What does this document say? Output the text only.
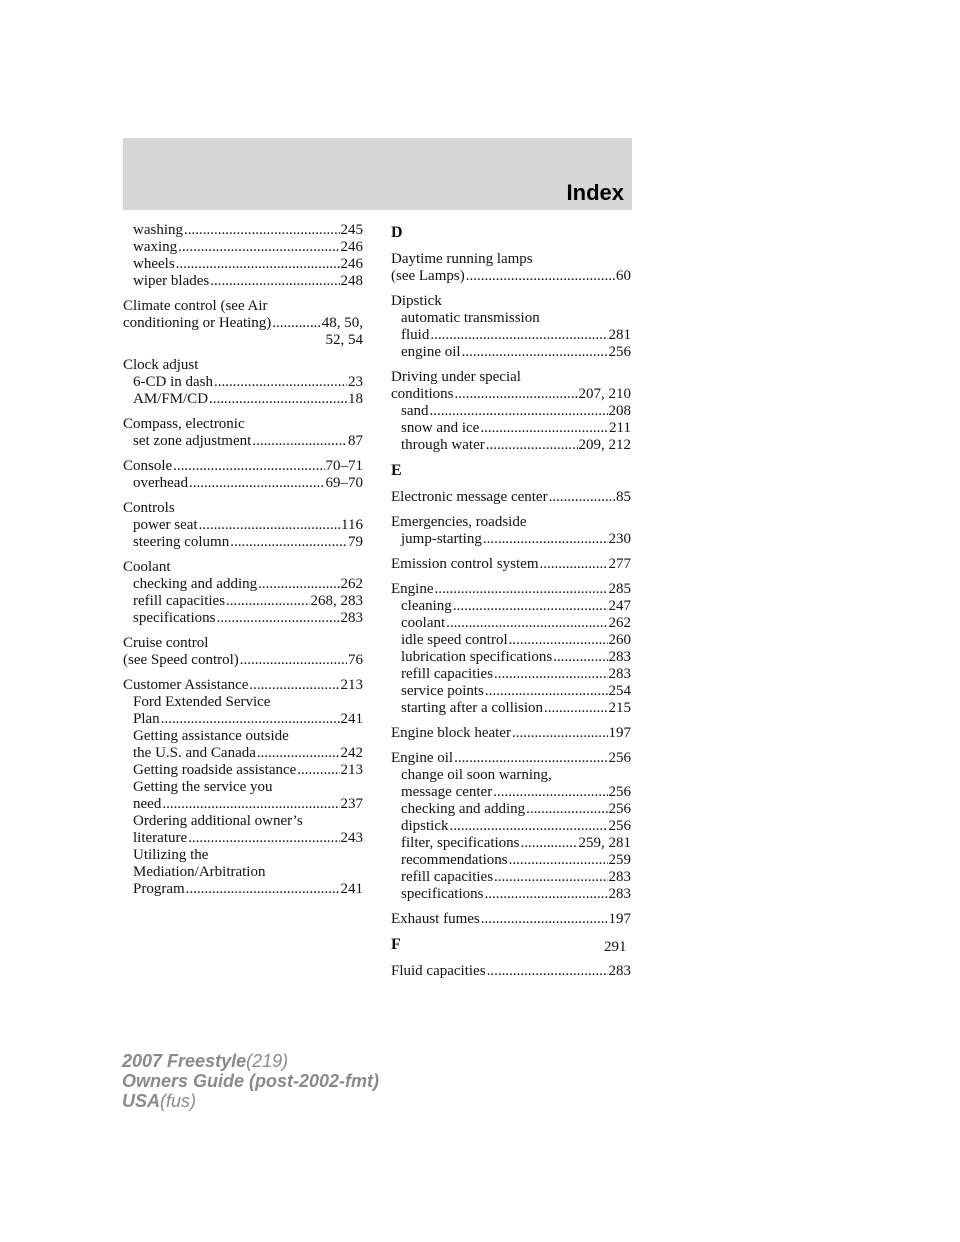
Index
washing .....	245
waxing .....	246
wheels .....	246
wiper blades .....	248
Climate control (see Air
conditioning or Heating) .....	48, 50,
52, 54
Clock adjust
6-CD in dash .....	23
AM/FM/CD .....	18
Compass, electronic
set zone adjustment .....	87
Console .....	70–71
overhead .....	69–70
Controls
power seat .....	116
steering column .....	79
Coolant
checking and adding .....	262
refill capacities .....	268, 283
specifications .....	283
Cruise control
(see Speed control) .....	76
Customer Assistance .....	213
Ford Extended Service
Plan .....	241
Getting assistance outside
the U.S. and Canada .....	242
Getting roadside assistance .....	213
Getting the service you
need .....	237
Ordering additional owner’s
literature .....	243
Utilizing the
Mediation/Arbitration
Program .....	241
D
Daytime running lamps
(see Lamps) .....	60
Dipstick
automatic transmission
fluid .....	281
engine oil .....	256
Driving under special
conditions .....	207, 210
sand .....	208
snow and ice .....	211
through water .....	209, 212
E
Electronic message center .....	85
Emergencies, roadside
jump-starting .....	230
Emission control system .....	277
Engine .....	285
cleaning .....	247
coolant .....	262
idle speed control .....	260
lubrication specifications .....	283
refill capacities .....	283
service points .....	254
starting after a collision .....	215
Engine block heater .....	197
Engine oil .....	256
change oil soon warning,
message center .....	256
checking and adding .....	256
dipstick .....	256
filter, specifications .....	259, 281
recommendations .....	259
refill capacities .....	283
specifications .....	283
Exhaust fumes .....	197
F
Fluid capacities .....	283
291
2007 Freestyle(219)
Owners Guide (post-2002-fmt)
USA(fus)
